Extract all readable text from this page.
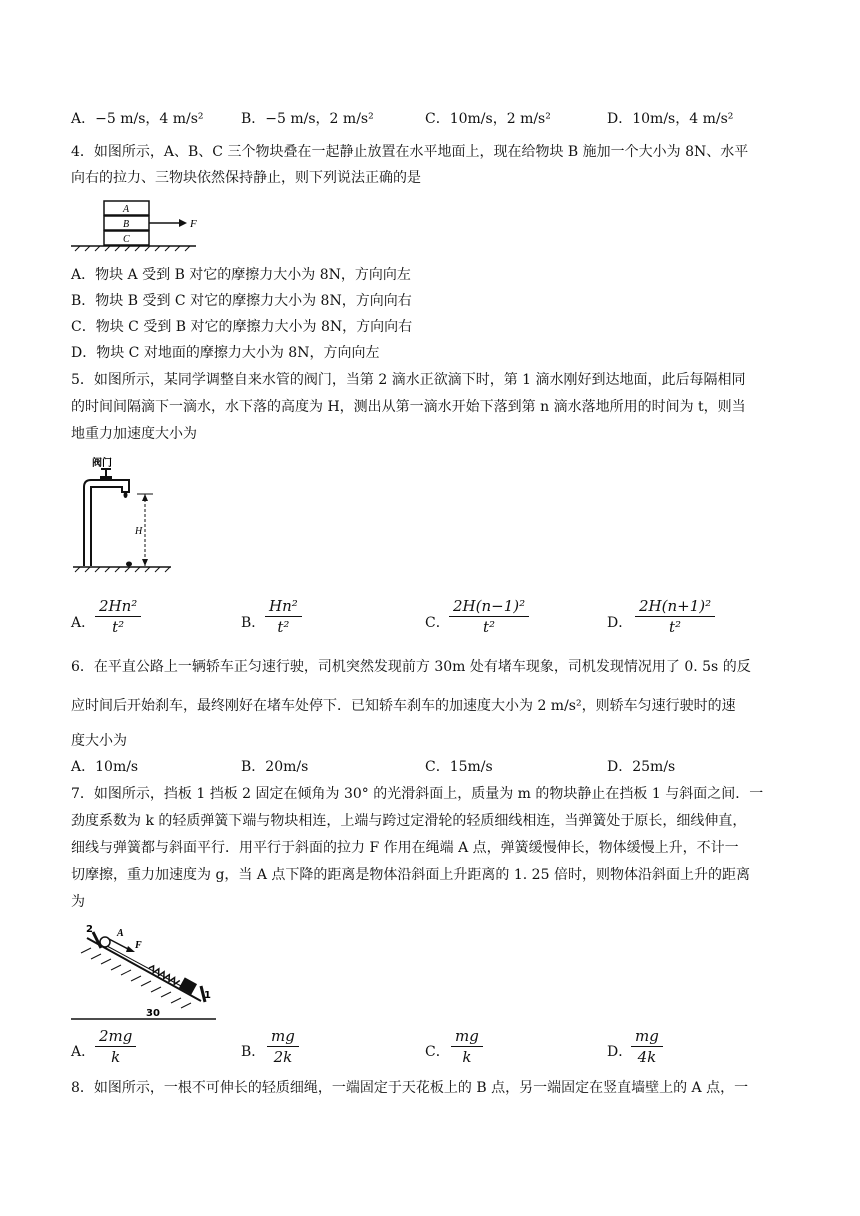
A．−5 m/s，4 m/s²	B．−5 m/s，2 m/s²	C．10m/s，2 m/s²	D．10m/s，4 m/s²
4．如图所示，A、B、C 三个物块叠在一起静止放置在水平地面上，现在给物块 B 施加一个大小为 8N、水平
向右的拉力、三物块依然保持静止，则下列说法正确的是
A
B
C
F
A．物块 A 受到 B 对它的摩擦力大小为 8N，方向向左
B．物块 B 受到 C 对它的摩擦力大小为 8N，方向向右
C．物块 C 受到 B 对它的摩擦力大小为 8N，方向向右
D．物块 C 对地面的摩擦力大小为 8N，方向向左
5．如图所示，某同学调整自来水管的阀门，当第 2 滴水正欲滴下时，第 1 滴水刚好到达地面，此后每隔相同
的时间间隔滴下一滴水，水下落的高度为 H，测出从第一滴水开始下落到第 n 滴水落地所用的时间为 t，则当
地重力加速度大小为
阀门
H
A． $\frac{\text{2Hn²}}{\text{t²}}$	B． $\frac{\text{Hn²}}{\text{t²}}$	C． $\frac{\text{2H(n−1)²}}{\text{t²}}$	D． $\frac{\text{2H(n+1)²}}{\text{t²}}$
6．在平直公路上一辆轿车正匀速行驶，司机突然发现前方 30m 处有堵车现象，司机发现情况用了 0. 5s 的反
应时间后开始刹车，最终刚好在堵车处停下．已知轿车刹车的加速度大小为 2 m/s²，则轿车匀速行驶时的速
度大小为
A．10m/s	B．20m/s	C．15m/s	D．25m/s
7．如图所示，挡板 1 挡板 2 固定在倾角为 30° 的光滑斜面上，质量为 m 的物块静止在挡板 1 与斜面之间．一
劲度系数为 k 的轻质弹簧下端与物块相连，上端与跨过定滑轮的轻质细线相连，当弹簧处于原长，细线伸直，
细线与弹簧都与斜面平行．用平行于斜面的拉力 F 作用在绳端 A 点，弹簧缓慢伸长，物体缓慢上升，不计一
切摩擦，重力加速度为 g，当 A 点下降的距离是物体沿斜面上升距离的 1. 25 倍时，则物体沿斜面上升的距离
为
2 A
F
1
30
A． $\frac{2mg}{k}$	B． $\frac{mg}{2k}$	C． $\frac{mg}{k}$	D．
$\frac{mg}{4k}$
8．如图所示，一根不可伸长的轻质细绳，一端固定于天花板上的 B 点，另一端固定在竖直墙壁上的 A 点，一
